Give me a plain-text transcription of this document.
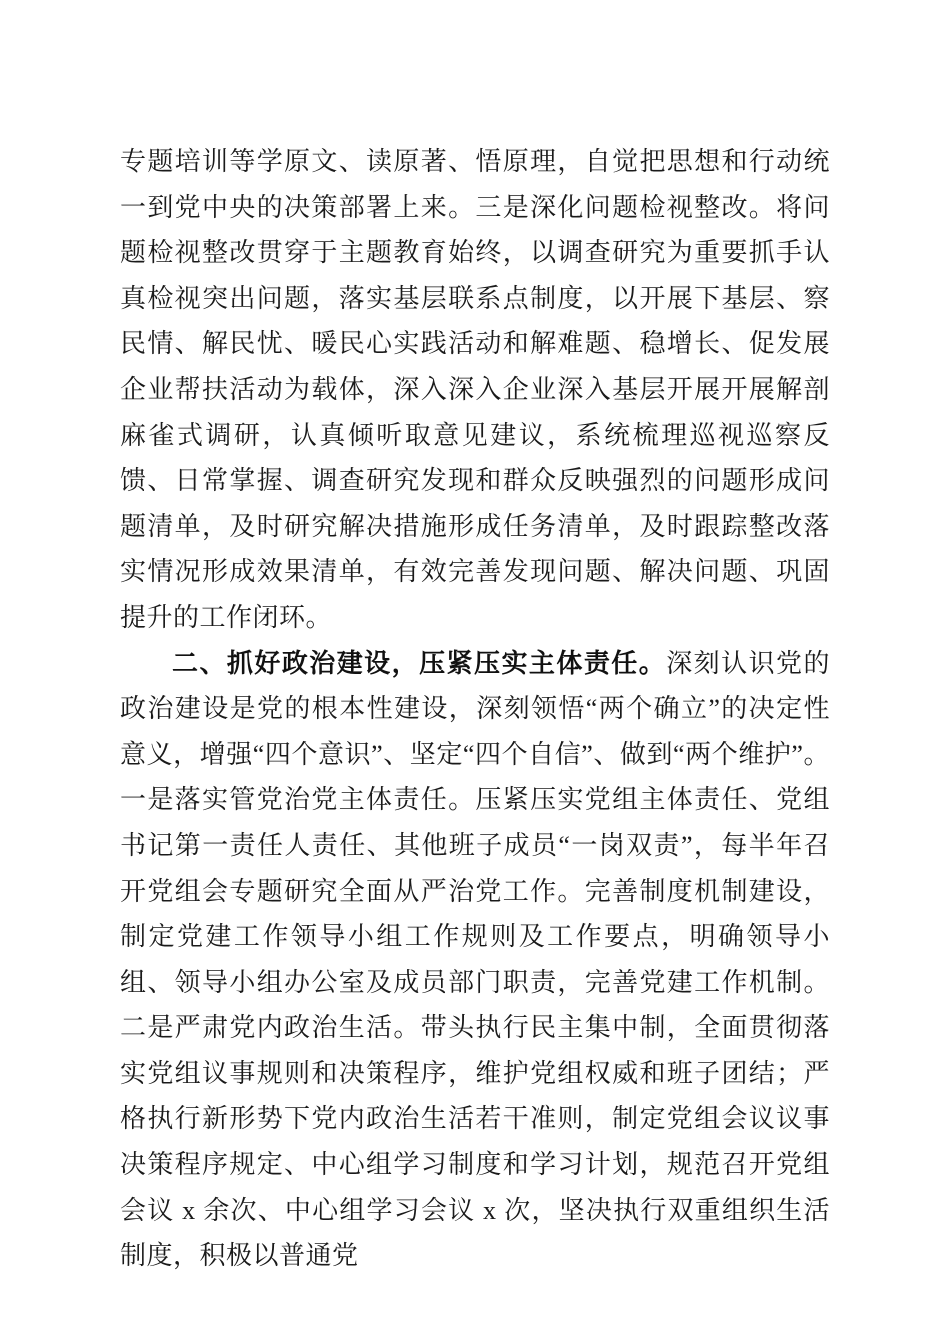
专题培训等学原文、读原著、悟原理，自觉把思想和行动统一到党中央的决策部署上来。三是深化问题检视整改。将问题检视整改贯穿于主题教育始终，以调查研究为重要抓手认真检视突出问题，落实基层联系点制度，以开展下基层、察民情、解民忧、暖民心实践活动和解难题、稳增长、促发展企业帮扶活动为载体，深入深入企业深入基层开展开展解剖麻雀式调研，认真倾听取意见建议，系统梳理巡视巡察反馈、日常掌握、调查研究发现和群众反映强烈的问题形成问题清单，及时研究解决措施形成任务清单，及时跟踪整改落实情况形成效果清单，有效完善发现问题、解决问题、巩固提升的工作闭环。

二、抓好政治建设，压紧压实主体责任。深刻认识党的政治建设是党的根本性建设，深刻领悟“两个确立”的决定性意义，增强“四个意识”、坚定“四个自信”、做到“两个维护”。一是落实管党治党主体责任。压紧压实党组主体责任、党组书记第一责任人责任、其他班子成员“一岗双责”，每半年召开党组会专题研究全面从严治党工作。完善制度机制建设，制定党建工作领导小组工作规则及工作要点，明确领导小组、领导小组办公室及成员部门职责，完善党建工作机制。二是严肃党内政治生活。带头执行民主集中制，全面贯彻落实党组议事规则和决策程序，维护党组权威和班子团结；严格执行新形势下党内政治生活若干准则，制定党组会议议事决策程序规定、中心组学习制度和学习计划，规范召开党组会议 x 余次、中心组学习会议 x 次，坚决执行双重组织生活制度，积极以普通党
